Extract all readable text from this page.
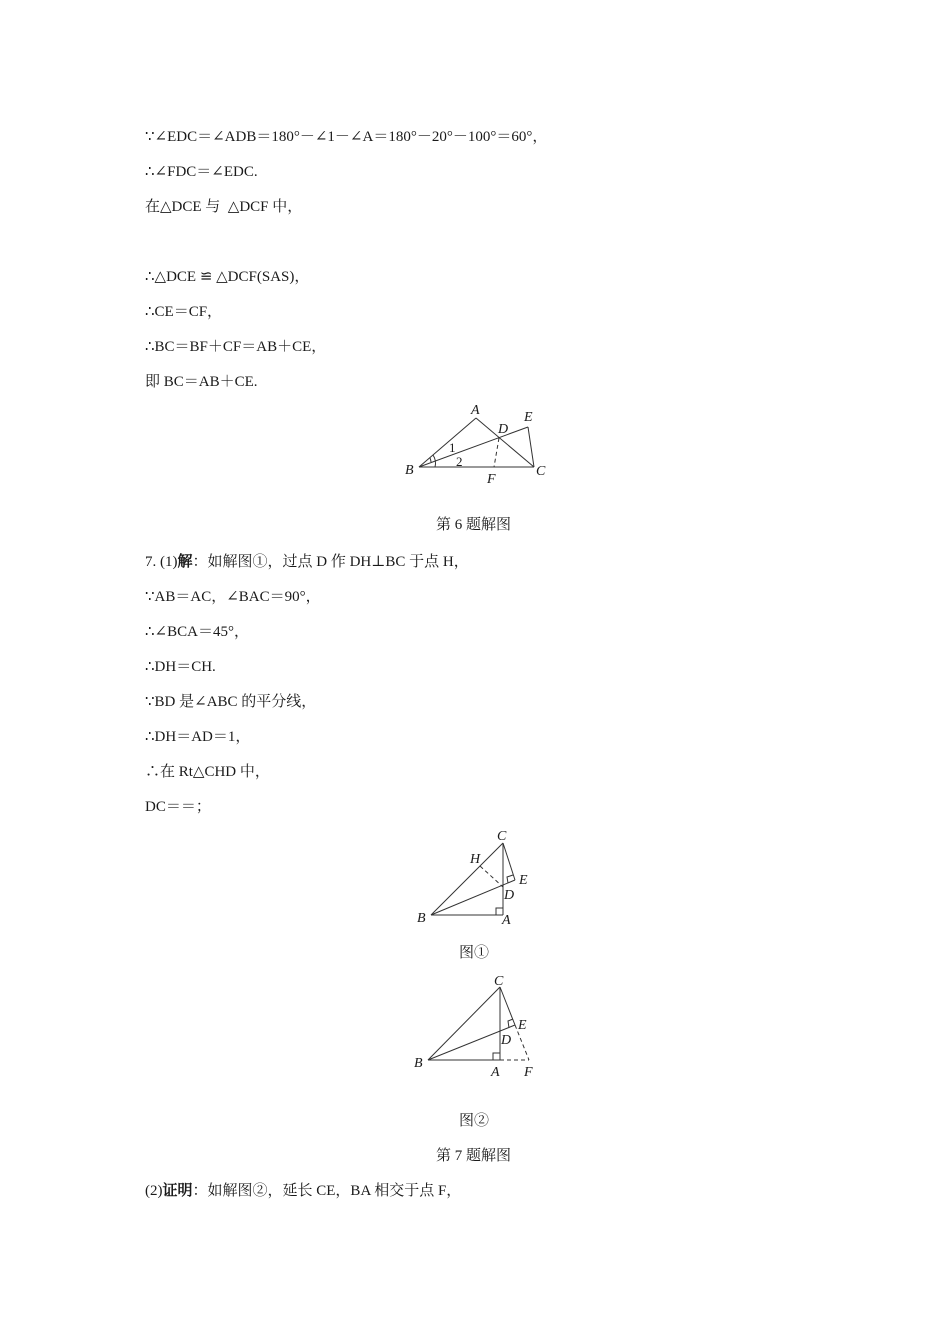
∵∠EDC＝∠ADB＝180°－∠1－∠A＝180°－20°－100°＝60°，
∴∠FDC＝∠EDC.
在△DCE 与  △DCF 中，
∴△DCE ≌ △DCF(SAS)，
∴CE＝CF，
∴BC＝BF＋CF＝AB＋CE，
即 BC＝AB＋CE.
A
B	C
D
E
F
1
2
第 6 题解图
7. (1)解：如解图①，过点 D 作 DH⊥BC 于点 H，
∵AB＝AC，∠BAC＝90°，
∴∠BCA＝45°，
∴DH＝CH.
∵BD 是∠ABC 的平分线，
∴DH＝AD＝1，
∴在 Rt△CHD 中，
DC＝＝；
C
H
E
D
B	A
图①
C
E
D
B
A F
图②
第 7 题解图
(2)证明：如解图②，延长 CE，BA 相交于点 F，
